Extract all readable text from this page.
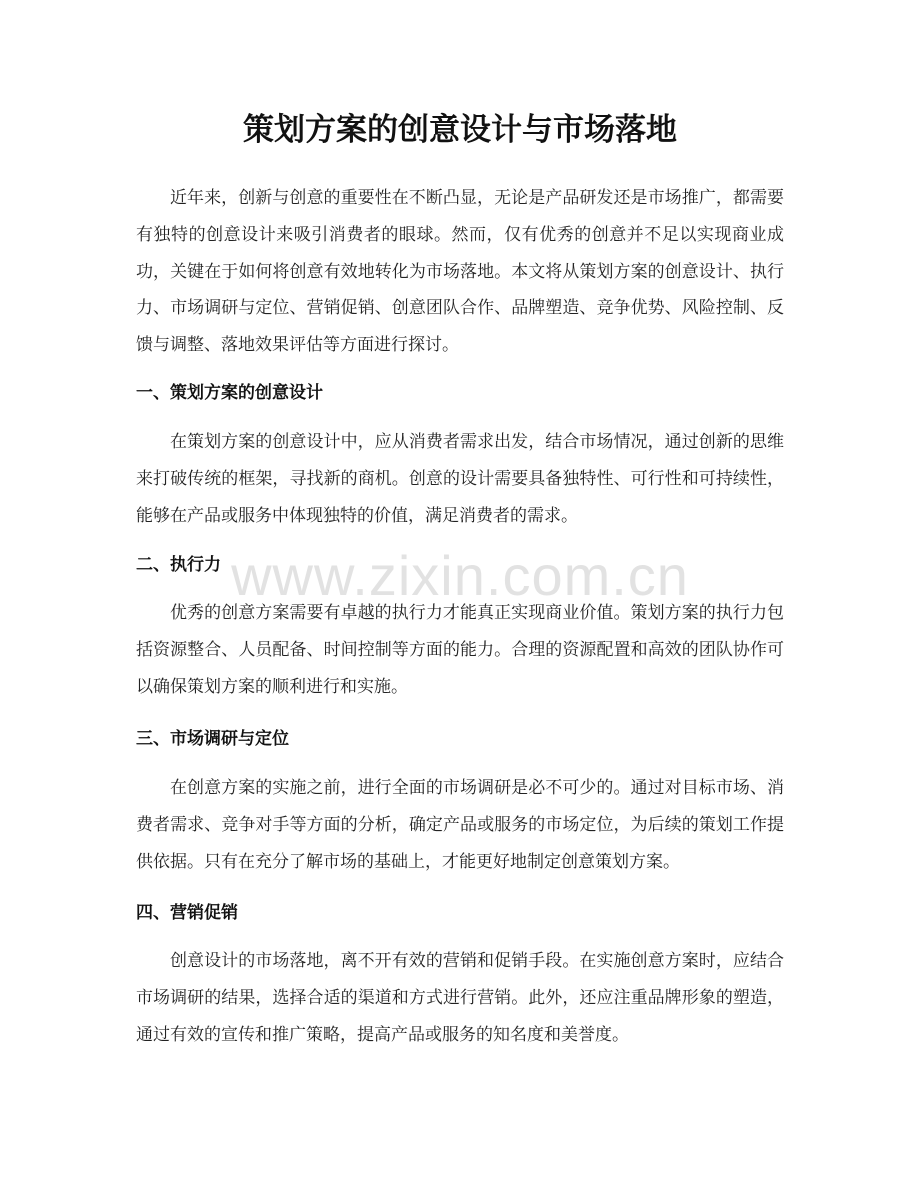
策划方案的创意设计与市场落地

近年来，创新与创意的重要性在不断凸显，无论是产品研发还是市场推广，都需要有独特的创意设计来吸引消费者的眼球。然而，仅有优秀的创意并不足以实现商业成功，关键在于如何将创意有效地转化为市场落地。本文将从策划方案的创意设计、执行力、市场调研与定位、营销促销、创意团队合作、品牌塑造、竞争优势、风险控制、反馈与调整、落地效果评估等方面进行探讨。

一、策划方案的创意设计

在策划方案的创意设计中，应从消费者需求出发，结合市场情况，通过创新的思维来打破传统的框架，寻找新的商机。创意的设计需要具备独特性、可行性和可持续性，能够在产品或服务中体现独特的价值，满足消费者的需求。

二、执行力

优秀的创意方案需要有卓越的执行力才能真正实现商业价值。策划方案的执行力包括资源整合、人员配备、时间控制等方面的能力。合理的资源配置和高效的团队协作可以确保策划方案的顺利进行和实施。

三、市场调研与定位

在创意方案的实施之前，进行全面的市场调研是必不可少的。通过对目标市场、消费者需求、竞争对手等方面的分析，确定产品或服务的市场定位，为后续的策划工作提供依据。只有在充分了解市场的基础上，才能更好地制定创意策划方案。

四、营销促销

创意设计的市场落地，离不开有效的营销和促销手段。在实施创意方案时，应结合市场调研的结果，选择合适的渠道和方式进行营销。此外，还应注重品牌形象的塑造，通过有效的宣传和推广策略，提高产品或服务的知名度和美誉度。

www.zixin.com.cn
